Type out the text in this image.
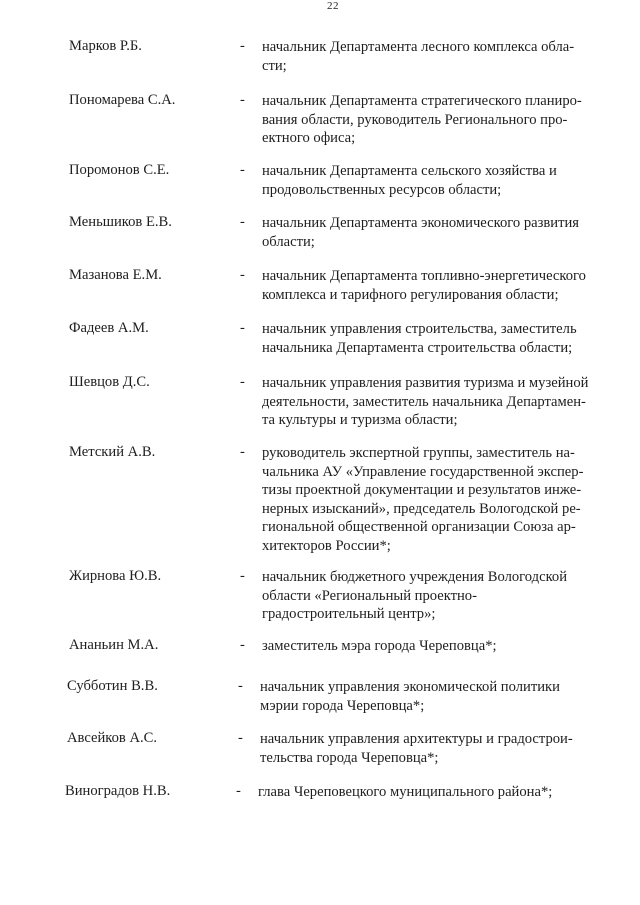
22
Марков Р.Б.	- начальник Департамента лесного комплекса обла-
сти;
Пономарева С.А.	- начальник Департамента стратегического планиро-
вания области, руководитель Регионального про-
ектного офиса;
Поромонов С.Е.	- начальник Департамента сельского хозяйства и
продовольственных ресурсов области;
Меньшиков Е.В.	- начальник Департамента экономического развития
области;
Мазанова Е.М.	- начальник Департамента топливно-энергетического
комплекса и тарифного регулирования области;
Фадеев А.М.	- начальник управления строительства, заместитель
начальника Департамента строительства области;
Шевцов Д.С.	- начальник управления развития туризма и музейной
деятельности, заместитель начальника Департамен-
та культуры и туризма области;
Метский А.В.	- руководитель экспертной группы, заместитель на-
чальника АУ «Управление государственной экспер-
тизы проектной документации и результатов инже-
нерных изысканий», председатель Вологодской ре-
гиональной общественной организации Союза ар-
хитекторов России*;
Жирнова Ю.В.	- начальник бюджетного учреждения Вологодской
области «Региональный проектно-
градостроительный центр»;
Ананьин М.А.	- заместитель мэра города Череповца*;
Субботин В.В.	- начальник управления экономической политики
мэрии города Череповца*;
Авсейков А.С.	- начальник управления архитектуры и градострои-
тельства города Череповца*;
Виноградов Н.В.	- глава Череповецкого муниципального района*;
